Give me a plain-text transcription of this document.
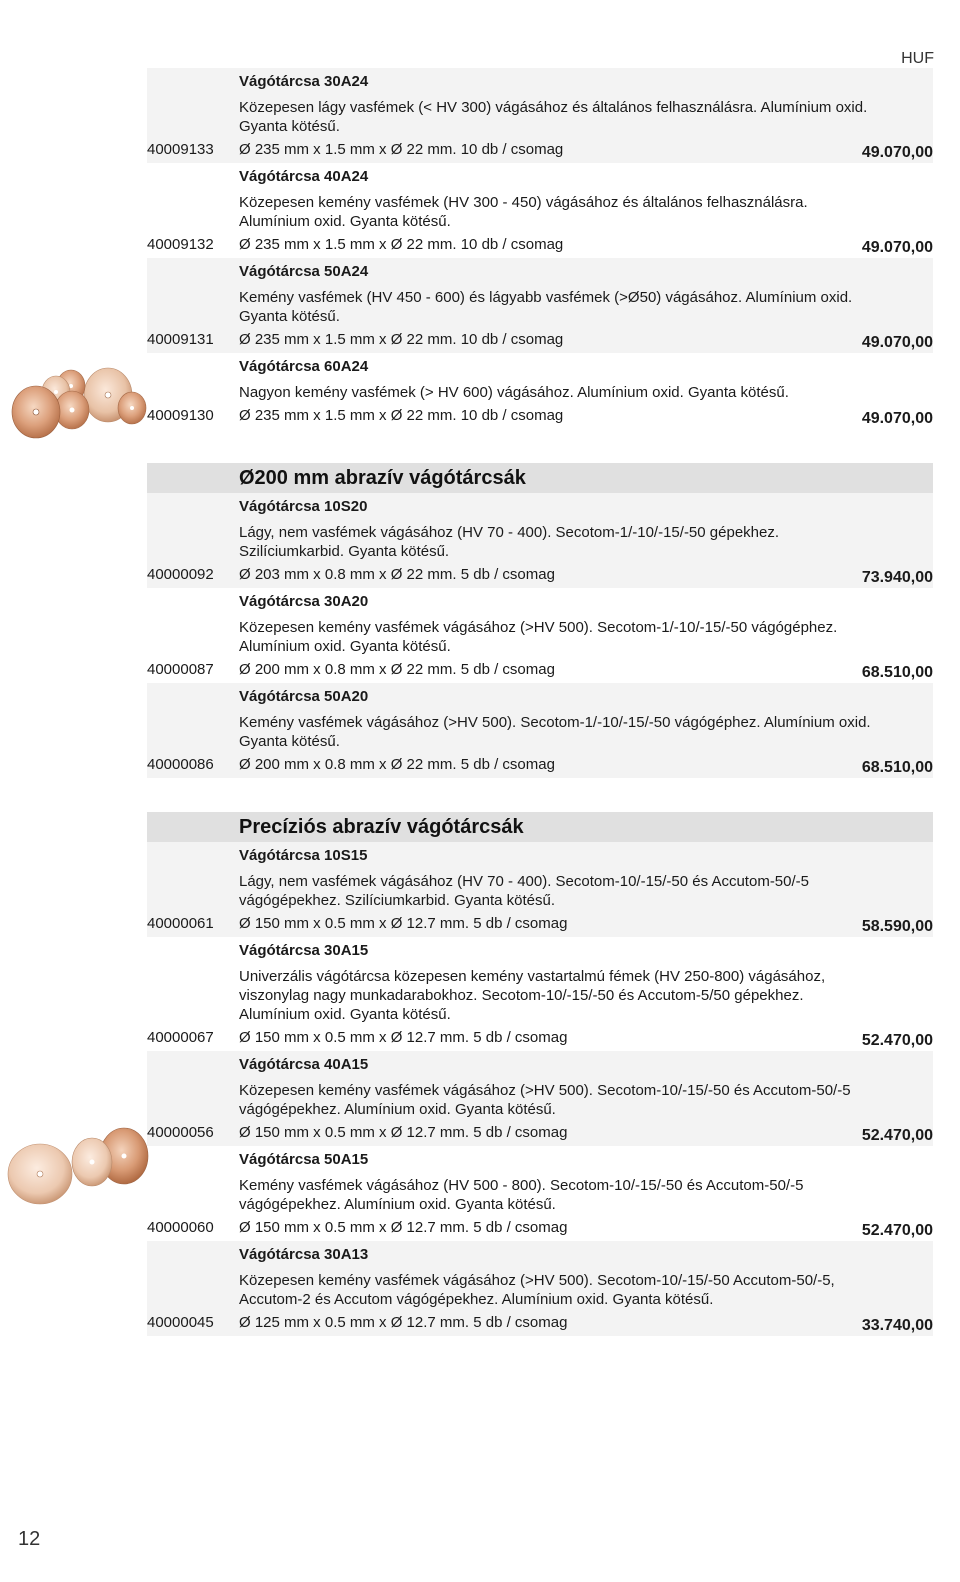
HUF
Vágótárcsa 30A24
Közepesen lágy vasfémek (< HV 300) vágásához és általános felhasználásra. Alumínium oxid. Gyanta kötésű.
40009133	Ø 235 mm x 1.5 mm x Ø 22 mm. 10 db / csomag	49.070,00
Vágótárcsa 40A24
Közepesen kemény vasfémek (HV 300 - 450) vágásához és általános felhasználásra. Alumínium oxid. Gyanta kötésű.
40009132	Ø 235 mm x 1.5 mm x Ø 22 mm. 10 db / csomag	49.070,00
Vágótárcsa 50A24
Kemény vasfémek (HV 450 - 600) és lágyabb vasfémek (>Ø50) vágásához. Alumínium oxid. Gyanta kötésű.
40009131	Ø 235 mm x 1.5 mm x Ø 22 mm. 10 db / csomag	49.070,00
Vágótárcsa 60A24
Nagyon kemény vasfémek (> HV 600) vágásához. Alumínium oxid. Gyanta kötésű.
40009130	Ø 235 mm x 1.5 mm x Ø 22 mm. 10 db / csomag	49.070,00
Ø200 mm abrazív vágótárcsák
Vágótárcsa 10S20
Lágy, nem vasfémek vágásához (HV 70 - 400). Secotom-1/-10/-15/-50 gépekhez. Szilíciumkarbid. Gyanta kötésű.
40000092	Ø 203 mm x 0.8 mm x Ø 22 mm. 5 db / csomag	73.940,00
Vágótárcsa 30A20
Közepesen kemény vasfémek vágásához (>HV 500). Secotom-1/-10/-15/-50 vágógéphez. Alumínium oxid. Gyanta kötésű.
40000087	Ø 200 mm x 0.8 mm x Ø 22 mm. 5 db / csomag	68.510,00
Vágótárcsa 50A20
Kemény vasfémek vágásához (>HV 500). Secotom-1/-10/-15/-50 vágógéphez. Alumínium oxid. Gyanta kötésű.
40000086	Ø 200 mm x 0.8 mm x Ø 22 mm. 5 db / csomag	68.510,00
Precíziós abrazív vágótárcsák
Vágótárcsa 10S15
Lágy, nem vasfémek vágásához (HV 70 - 400). Secotom-10/-15/-50 és Accutom-50/-5 vágógépekhez. Szilíciumkarbid. Gyanta kötésű.
40000061	Ø 150 mm x 0.5 mm x Ø 12.7 mm. 5 db / csomag	58.590,00
Vágótárcsa 30A15
Univerzális vágótárcsa közepesen kemény vastartalmú fémek (HV 250-800) vágásához, viszonylag nagy munkadarabokhoz. Secotom-10/-15/-50 és Accutom-5/50 gépekhez. Alumínium oxid. Gyanta kötésű.
40000067	Ø 150 mm x 0.5 mm x Ø 12.7 mm. 5 db / csomag	52.470,00
Vágótárcsa 40A15
Közepesen kemény vasfémek vágásához (>HV 500). Secotom-10/-15/-50 és Accutom-50/-5 vágógépekhez. Alumínium oxid. Gyanta kötésű.
40000056	Ø 150 mm x 0.5 mm x Ø 12.7 mm. 5 db / csomag	52.470,00
Vágótárcsa 50A15
Kemény vasfémek vágásához (HV 500 - 800). Secotom-10/-15/-50 és Accutom-50/-5 vágógépekhez. Alumínium oxid. Gyanta kötésű.
40000060	Ø 150 mm x 0.5 mm x Ø 12.7 mm. 5 db / csomag	52.470,00
Vágótárcsa 30A13
Közepesen kemény vasfémek vágásához (>HV 500). Secotom-10/-15/-50 Accutom-50/-5, Accutom-2 és Accutom vágógépekhez. Alumínium oxid. Gyanta kötésű.
40000045	Ø 125 mm x 0.5 mm x Ø 12.7 mm. 5 db / csomag	33.740,00
12
